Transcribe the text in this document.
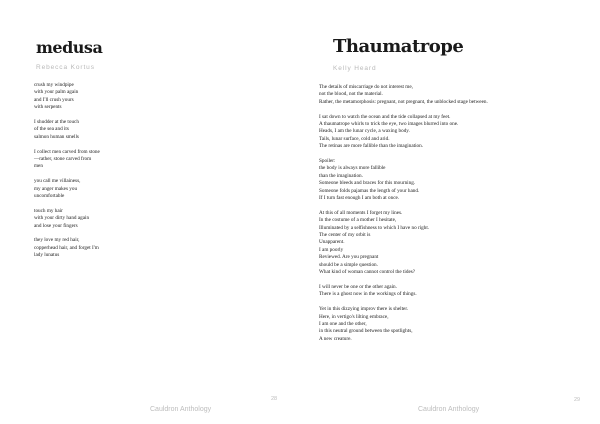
medusa

Rebecca Kortus

crush my windpipe
with your palm again
and I'll crush yours
with serpents

I shudder at the touch
of the sea and its
salmon human smells

I collect men carved from stone
—rather, stone carved from
men

you call me villainess,
my anger makes you
uncomfortable

touch my hair
with your dirty hand again
and lose your fingers

they love my red hair,
copperhead hair, and forget I'm
lady lunatus

28

Cauldron Anthology

Thaumatrope

Kelly Heard

The details of miscarriage do not interest me,
not the blood, not the material.
Rather, the metamorphosis: pregnant, not pregnant, the unblocked stage between.

I sat down to watch the ocean and the tide collapsed at my feet.
A thaumatrope whirls to trick the eye, two images blurred into one.
Heads, I am the lunar cycle, a waxing body.
Tails, lunar surface, cold and arid.
The retinas are more fallible than the imagination.

Spoiler:
the body is always more fallible
than the imagination.
Someone bleeds and braces for this mourning.
Someone folds pajamas the length of your hand.
If I turn fast enough I am both at once.

At this of all moments I forget my lines.
In the costume of a mother I hesitate,
Illuminated by a selfishness to which I have no right.
The center of my orbit is
Unapparent.
I am poorly
Reviewed. Are you pregnant
should be a simple question.
What kind of woman cannot control the tides?

I will never be one or the other again.
There is a ghost now in the workings of things.

Yet in this dizzying improv there is shelter.
Here, in vertigo's lilting embrace,
I am one and the other,
in this neutral ground between the spotlights,
A new creature.

29

Cauldron Anthology
